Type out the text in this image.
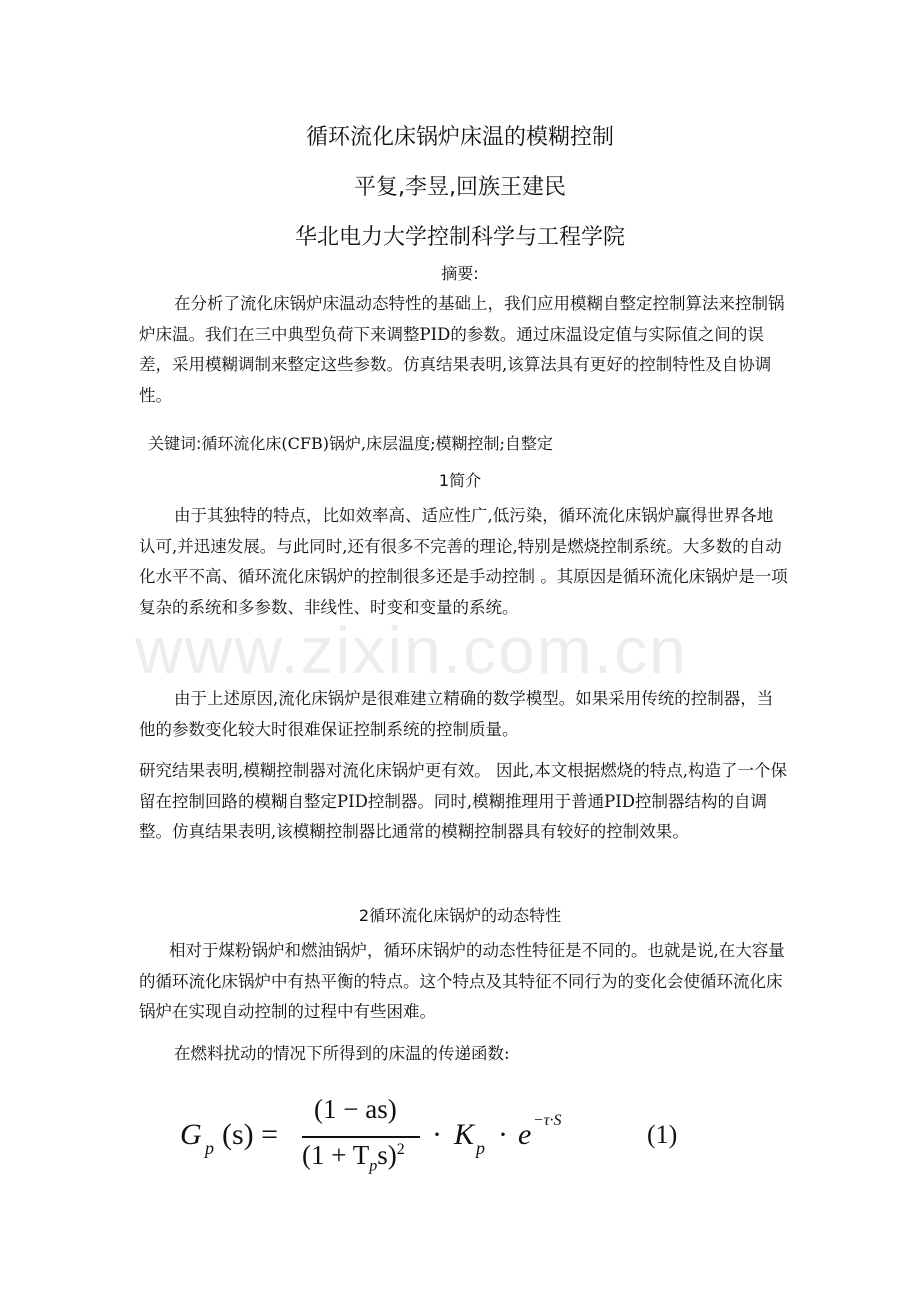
www.zixin.com.cn
循环流化床锅炉床温的模糊控制
平复,李昱,回族王建民
华北电力大学控制科学与工程学院
摘要:

在分析了流化床锅炉床温动态特性的基础上，我们应用模糊自整定控制算法来控制锅炉床温。我们在三中典型负荷下来调整PID的参数。通过床温设定值与实际值之间的误差，采用模糊调制来整定这些参数。仿真结果表明,该算法具有更好的控制特性及自协调性。

关键词:循环流化床(CFB)锅炉,床层温度;模糊控制;自整定
1简介

由于其独特的特点，比如效率高、适应性广,低污染，循环流化床锅炉赢得世界各地认可,并迅速发展。与此同时,还有很多不完善的理论,特别是燃烧控制系统。大多数的自动化水平不高、循环流化床锅炉的控制很多还是手动控制 。其原因是循环流化床锅炉是一项复杂的系统和多参数、非线性、时变和变量的系统。

由于上述原因,流化床锅炉是很难建立精确的数学模型。如果采用传统的控制器，当他的参数变化较大时很难保证控制系统的控制质量。

研究结果表明,模糊控制器对流化床锅炉更有效。 因此,本文根据燃烧的特点,构造了一个保留在控制回路的模糊自整定PID控制器。同时,模糊推理用于普通PID控制器结构的自调整。仿真结果表明,该模糊控制器比通常的模糊控制器具有较好的控制效果。

2循环流化床锅炉的动态特性

相对于煤粉锅炉和燃油锅炉，循环床锅炉的动态性特征是不同的。也就是说,在大容量的循环流化床锅炉中有热平衡的特点。这个特点及其特征不同行为的变化会使循环流化床锅炉在实现自动控制的过程中有些困难。

在燃料扰动的情况下所得到的床温的传递函数:

G p (s) =
(1 − as)
$(1 + T_ps)^2 \cdot K$ p · e −τ·S	(1)
